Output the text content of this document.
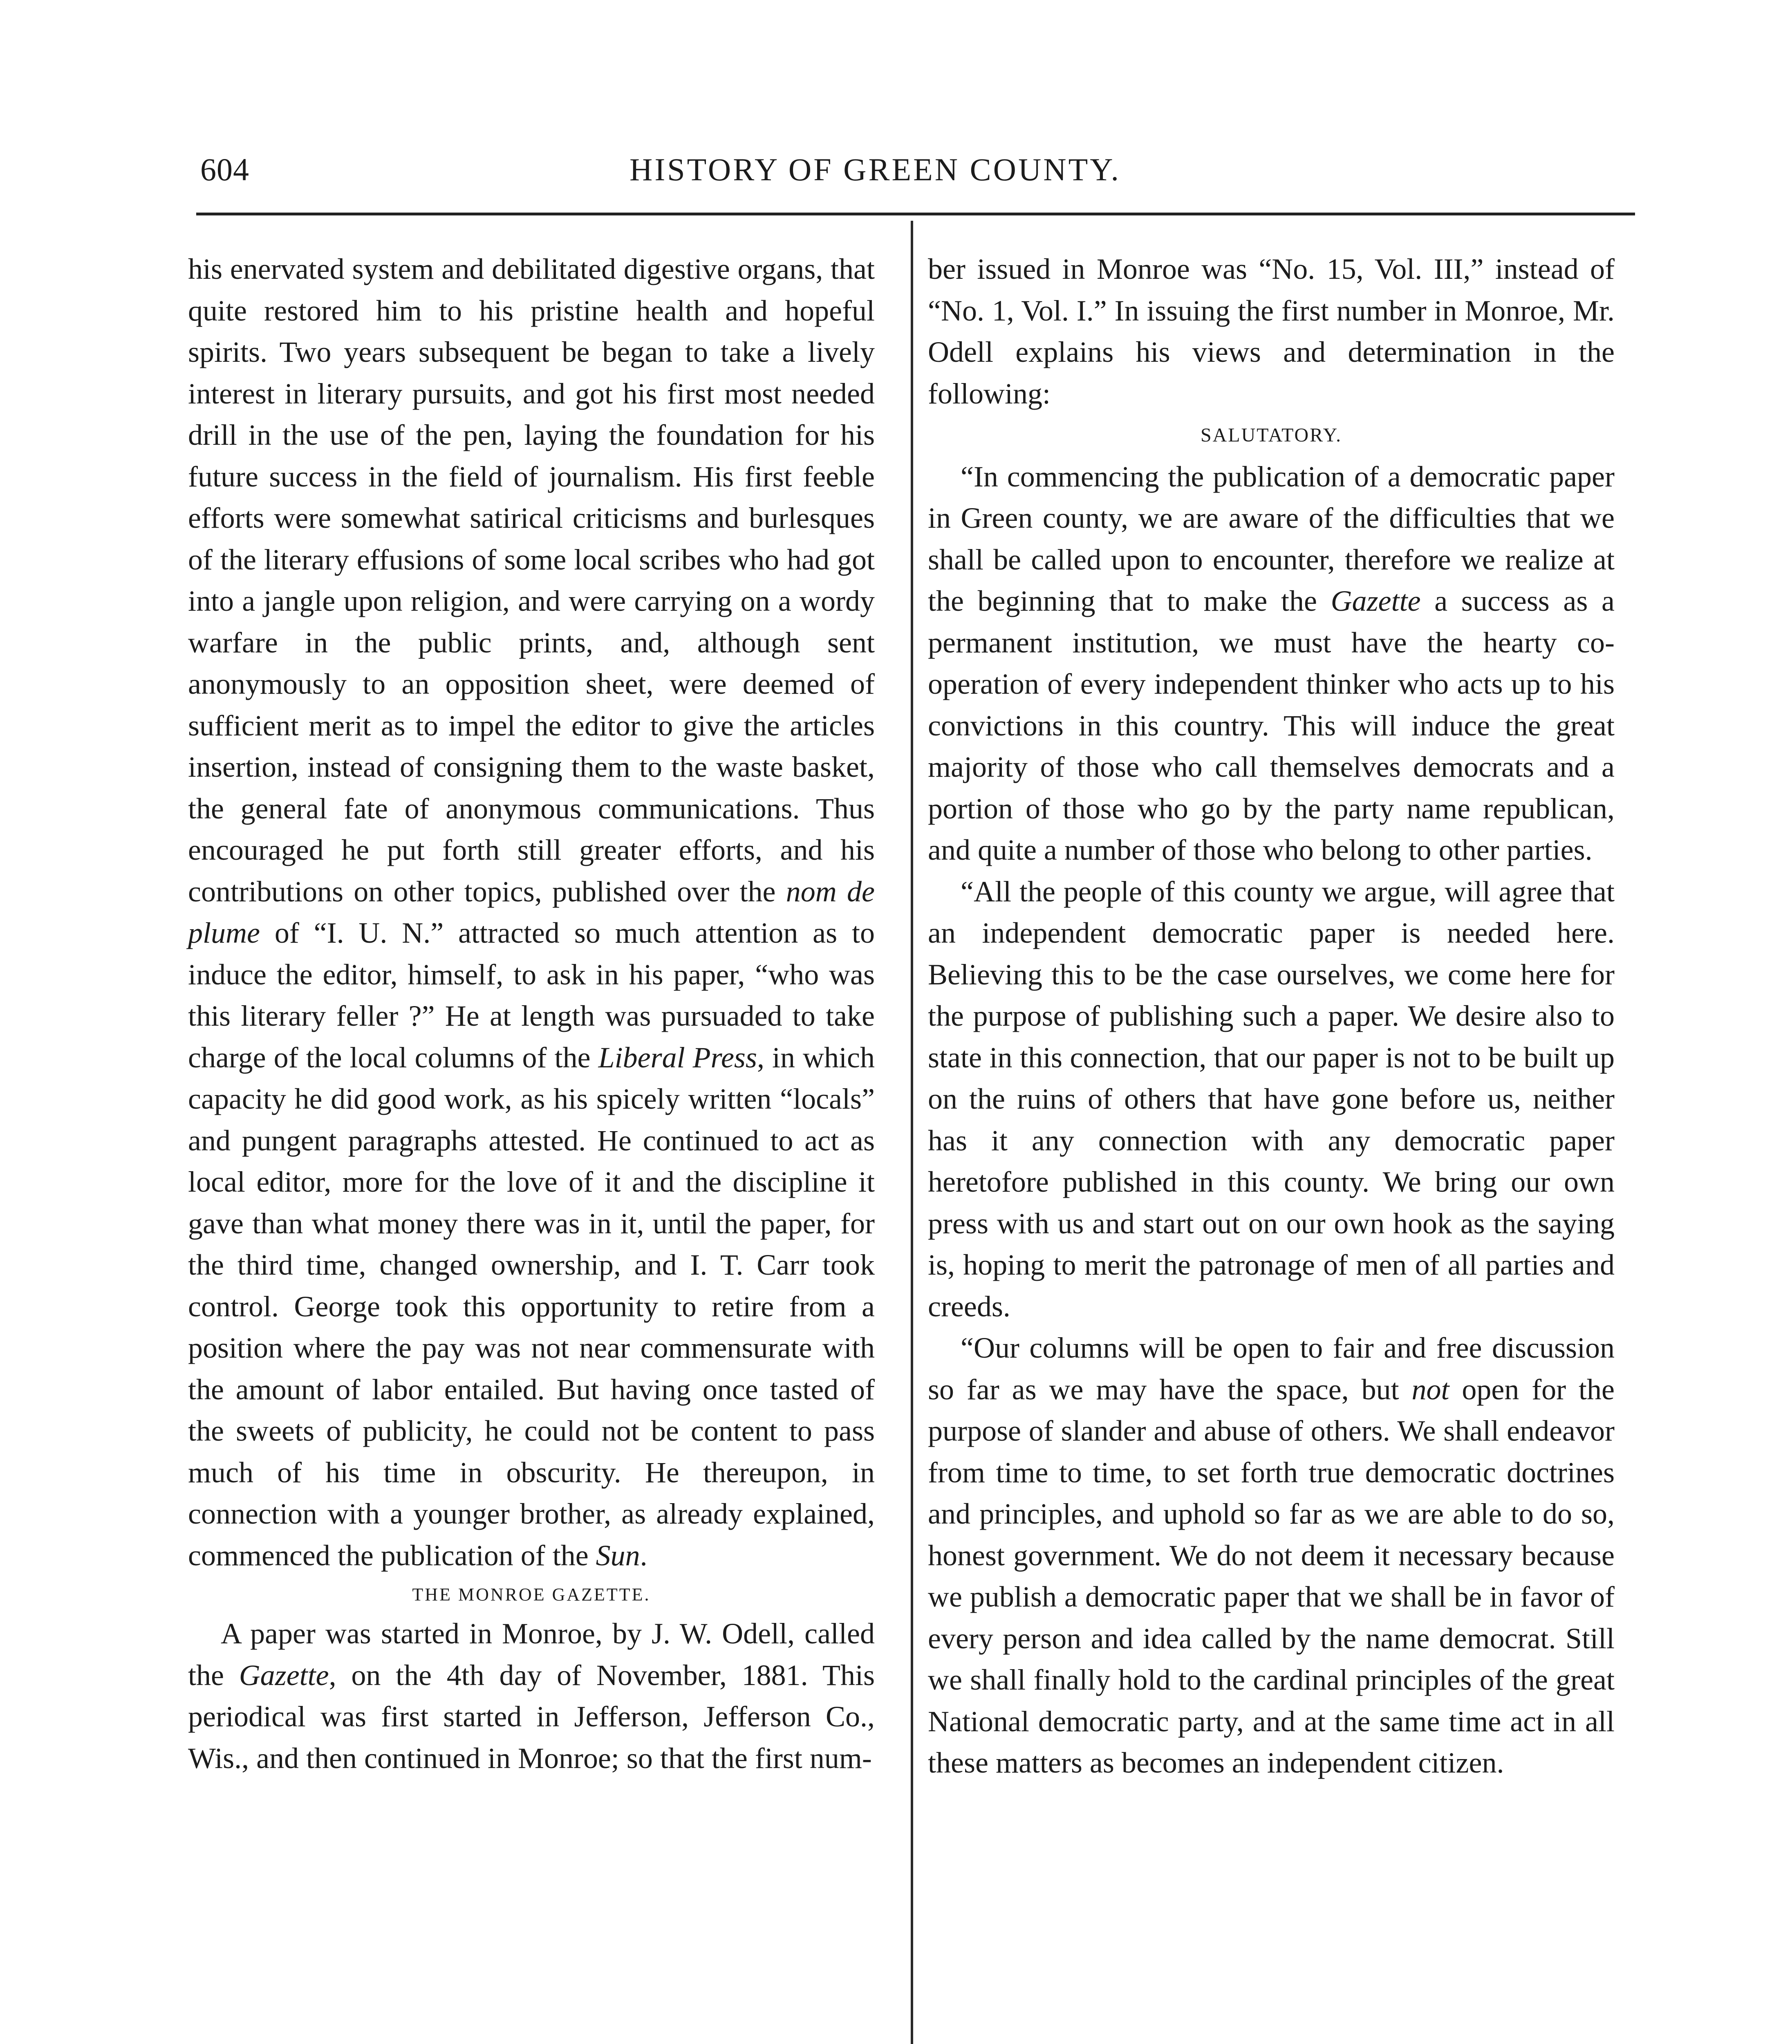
604	HISTORY OF GREEN COUNTY.

his enervated system and debilitated digestive organs, that quite restored him to his pristine health and hopeful spirits. Two years subsequent be began to take a lively interest in literary pursuits, and got his first most needed drill in the use of the pen, laying the foundation for his future success in the field of journalism. His first feeble efforts were somewhat satirical criticisms and burlesques of the literary effusions of some local scribes who had got into a jangle upon religion, and were carrying on a wordy warfare in the public prints, and, although sent anonymously to an opposition sheet, were deemed of sufficient merit as to impel the editor to give the articles insertion, instead of consigning them to the waste basket, the general fate of anonymous communications. Thus encouraged he put forth still greater efforts, and his contributions on other topics, published over the nom de plume of “I. U. N.” attracted so much attention as to induce the editor, himself, to ask in his paper, “who was this literary feller ?” He at length was pursuaded to take charge of the local columns of the Liberal Press, in which capacity he did good work, as his spicely written “locals” and pungent paragraphs attested. He continued to act as local editor, more for the love of it and the discipline it gave than what money there was in it, until the paper, for the third time, changed ownership, and I. T. Carr took control. George took this opportunity to retire from a position where the pay was not near commensurate with the amount of labor entailed. But having once tasted of the sweets of publicity, he could not be content to pass much of his time in obscurity. He thereupon, in connection with a younger brother, as already explained, commenced the publication of the Sun.

THE MONROE GAZETTE.

A paper was started in Monroe, by J. W. Odell, called the Gazette, on the 4th day of November, 1881. This periodical was first started in Jefferson, Jefferson Co., Wis., and then continued in Monroe; so that the first num-

ber issued in Monroe was “No. 15, Vol. III,” instead of “No. 1, Vol. I.” In issuing the first number in Monroe, Mr. Odell explains his views and determination in the following:

SALUTATORY.

“In commencing the publication of a democratic paper in Green county, we are aware of the difficulties that we shall be called upon to encounter, therefore we realize at the beginning that to make the Gazette a success as a permanent institution, we must have the hearty co-operation of every independent thinker who acts up to his convictions in this country. This will induce the great majority of those who call themselves democrats and a portion of those who go by the party name republican, and quite a number of those who belong to other parties.

“All the people of this county we argue, will agree that an independent democratic paper is needed here. Believing this to be the case ourselves, we come here for the purpose of publishing such a paper. We desire also to state in this connection, that our paper is not to be built up on the ruins of others that have gone before us, neither has it any connection with any democratic paper heretofore published in this county. We bring our own press with us and start out on our own hook as the saying is, hoping to merit the patronage of men of all parties and creeds.

“Our columns will be open to fair and free discussion so far as we may have the space, but not open for the purpose of slander and abuse of others. We shall endeavor from time to time, to set forth true democratic doctrines and principles, and uphold so far as we are able to do so, honest government. We do not deem it necessary because we publish a democratic paper that we shall be in favor of every person and idea called by the name democrat. Still we shall finally hold to the cardinal principles of the great National democratic party, and at the same time act in all these matters as becomes an independent citizen.
